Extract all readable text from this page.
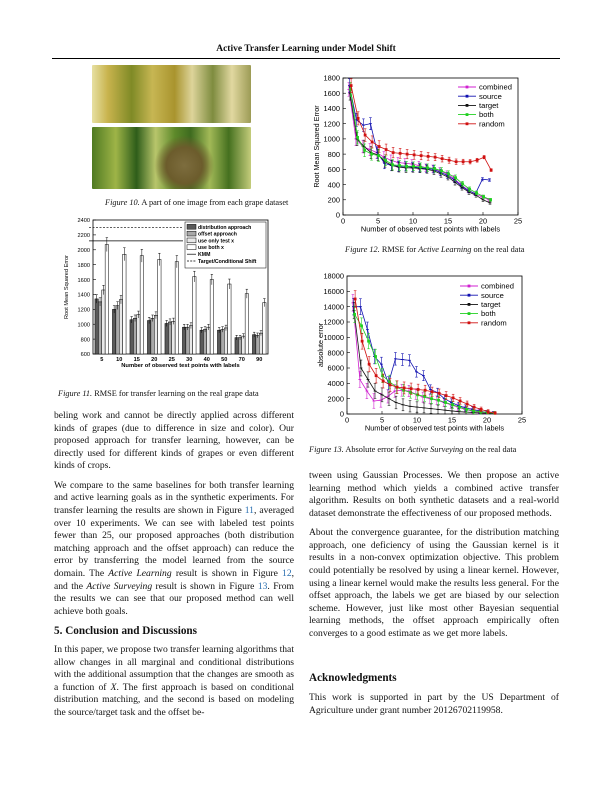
Active Transfer Learning under Model Shift
Figure 10. A part of one image from each grape dataset
600
800
1000
1200
1400
1600
1800
2000
2200
2400
5 10 15 20 25 30 40 50 70 90
Number of observed test points with labels
Root Mean Squared Error
distribution approach
offset approach
use only test x
use both x
KMM
Target/Conditional Shift
Figure 11. RMSE for transfer learning on the real grape data
0
200
400
600
800
1000
1200
1400
1600
1800
0	5	10	15	20	25
Number of observed test points with labels
Root Mean Squared Error
combined
source
target
both
random
Figure 12. RMSE for Active Learning on the real data
0
2000
4000
6000
8000
10000
12000
14000
16000
18000
0	5	10	15	20	25
Number of observed test points with labels
absolute error
combined
source
target
both
random
Figure 13. Absolute error for Active Surveying on the real data

beling work and cannot be directly applied across different kinds of grapes (due to difference in size and color). Our proposed approach for transfer learning, however, can be directly used for different kinds of grapes or even different kinds of crops.

We compare to the same baselines for both transfer learning and active learning goals as in the synthetic experiments. For transfer learning the results are shown in Figure 11, averaged over 10 experiments. We can see with labeled test points fewer than 25, our proposed approaches (both distribution matching approach and the offset approach) can reduce the error by transferring the model learned from the source domain. The Active Learning result is shown in Figure 12, and the Active Surveying result is shown in Figure 13. From the results we can see that our proposed method can well achieve both goals.

5. Conclusion and Discussions

In this paper, we propose two transfer learning algorithms that allow changes in all marginal and conditional distributions with the additional assumption that the changes are smooth as a function of X. The first approach is based on conditional distribution matching, and the second is based on modeling the source/target task and the offset be-

tween using Gaussian Processes. We then propose an active learning method which yields a combined active transfer algorithm. Results on both synthetic datasets and a real-world dataset demonstrate the effectiveness of our proposed methods.

About the convergence guarantee, for the distribution matching approach, one deficiency of using the Gaussian kernel is it results in a non-convex optimization objective. This problem could potentially be resolved by using a linear kernel. However, using a linear kernel would make the results less general. For the offset approach, the labels we get are biased by our selection scheme. However, just like most other Bayesian sequential learning methods, the offset approach empirically often converges to a good estimate as we get more labels.

Acknowledgments

This work is supported in part by the US Department of Agriculture under grant number 20126702119958.
